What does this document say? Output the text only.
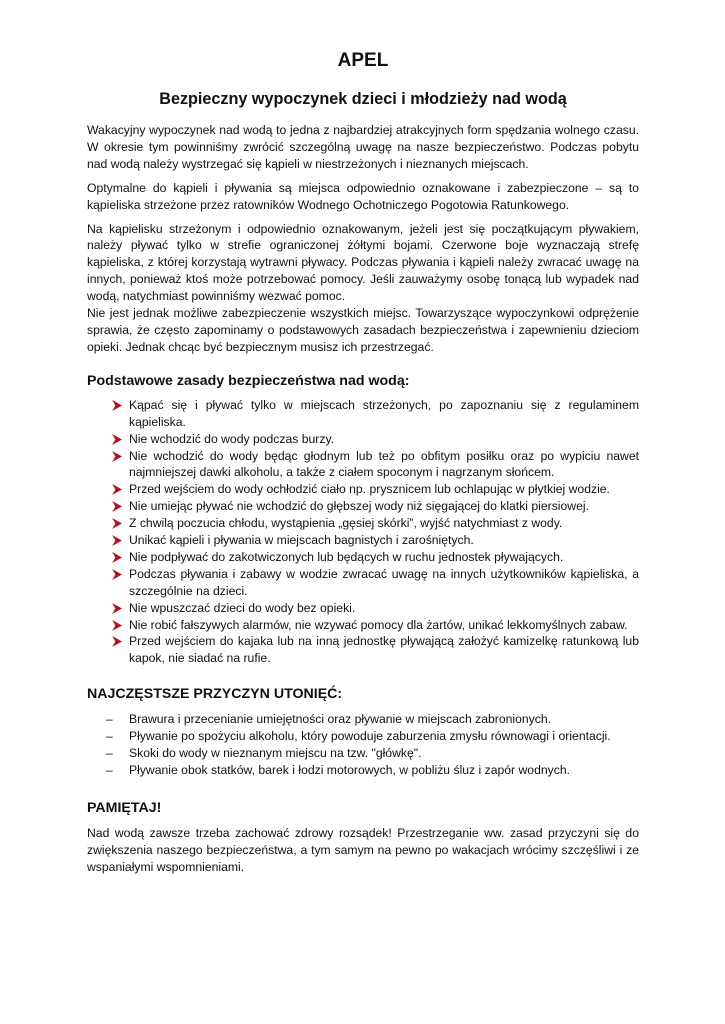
APEL
Bezpieczny wypoczynek dzieci i młodzieży nad wodą

Wakacyjny wypoczynek nad wodą to jedna z najbardziej atrakcyjnych form spędzania wolnego czasu. W okresie tym powinniśmy zwrócić szczególną uwagę na nasze bezpieczeństwo. Podczas pobytu nad wodą należy wystrzegać się kąpieli w niestrzeżonych i nieznanych miejscach.

Optymalne do kąpieli i pływania są miejsca odpowiednio oznakowane i zabezpieczone – są to kąpieliska strzeżone przez ratowników Wodnego Ochotniczego Pogotowia Ratunkowego.

Na kąpielisku strzeżonym i odpowiednio oznakowanym, jeżeli jest się początkującym pływakiem, należy pływać tylko w strefie ograniczonej żółtymi bojami. Czerwone boje wyznaczają strefę kąpieliska, z której korzystają wytrawni pływacy. Podczas pływania i kąpieli należy zwracać uwagę na innych, ponieważ ktoś może potrzebować pomocy. Jeśli zauważymy osobę tonącą lub wypadek nad wodą, natychmiast powinniśmy wezwać pomoc.

Nie jest jednak możliwe zabezpieczenie wszystkich miejsc. Towarzyszące wypoczynkowi odprężenie sprawia, że często zapominamy o podstawowych zasadach bezpieczeństwa i zapewnieniu dzieciom opieki. Jednak chcąc być bezpiecznym musisz ich przestrzegać.

Podstawowe zasady bezpieczeństwa nad wodą:
Kąpać się i pływać tylko w miejscach strzeżonych, po zapoznaniu się z regulaminem kąpieliska.
Nie wchodzić do wody podczas burzy.
Nie wchodzić do wody będąc głodnym lub też po obfitym posiłku oraz po wypiciu nawet najmniejszej dawki alkoholu, a także z ciałem spoconym i nagrzanym słońcem.
Przed wejściem do wody ochłodzić ciało np. prysznicem lub ochlapując w płytkiej wodzie.
Nie umiejąc pływać nie wchodzić do głębszej wody niż sięgającej do klatki piersiowej.
Z chwilą poczucia chłodu, wystąpienia „gęsiej skórki”, wyjść natychmiast z wody.
Unikać kąpieli i pływania w miejscach bagnistych i zarośniętych.
Nie podpływać do zakotwiczonych lub będących w ruchu jednostek pływających.
Podczas pływania i zabawy w wodzie zwracać uwagę na innych użytkowników kąpieliska, a szczególnie na dzieci.
Nie wpuszczać dzieci do wody bez opieki.
Nie robić fałszywych alarmów, nie wzywać pomocy dla żartów, unikać lekkomyślnych zabaw.
Przed wejściem do kajaka lub na inną jednostkę pływającą założyć kamizelkę ratunkową lub kapok, nie siadać na rufie.
NAJCZĘSTSZE PRZYCZYN UTONIĘĆ:
– Brawura i przecenianie umiejętności oraz pływanie w miejscach zabronionych.
– Pływanie po spożyciu alkoholu, który powoduje zaburzenia zmysłu równowagi i orientacji.
– Skoki do wody w nieznanym miejscu na tzw. "główkę".
– Pływanie obok statków, barek i łodzi motorowych, w pobliżu śluz i zapór wodnych.
PAMIĘTAJ!

Nad wodą zawsze trzeba zachować zdrowy rozsądek! Przestrzeganie ww. zasad przyczyni się do zwiększenia naszego bezpieczeństwa, a tym samym na pewno po wakacjach wrócimy szczęśliwi i ze wspaniałymi wspomnieniami.
